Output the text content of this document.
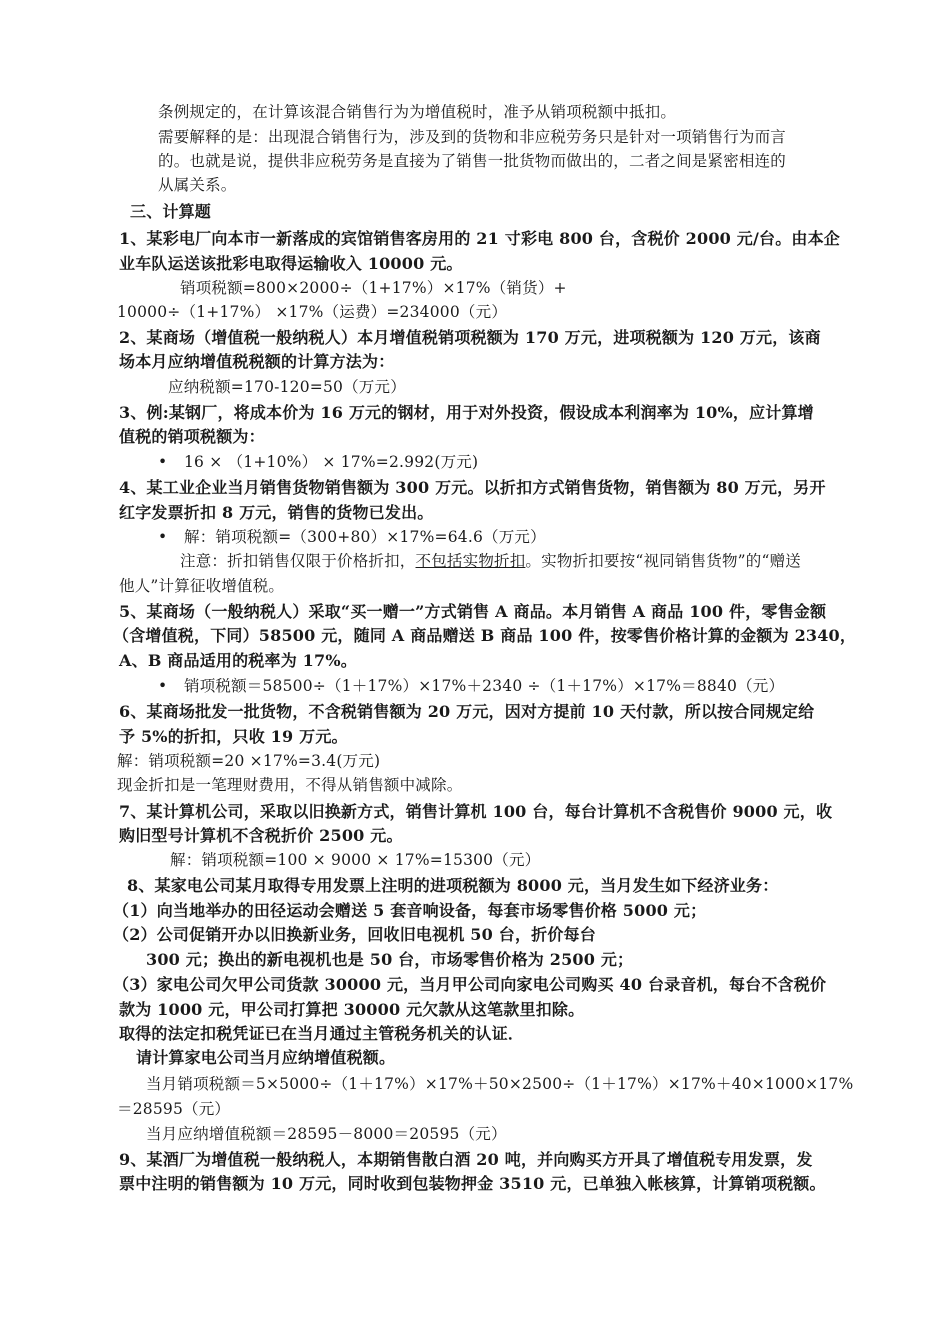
条例规定的，在计算该混合销售行为为增值税时，准予从销项税额中抵扣。
需要解释的是：出现混合销售行为，涉及到的货物和非应税劳务只是针对一项销售行为而言
的。也就是说，提供非应税劳务是直接为了销售一批货物而做出的，二者之间是紧密相连的
从属关系。
三、计算题
1、某彩电厂向本市一新落成的宾馆销售客房用的 21 寸彩电 800 台，含税价 2000 元/台。由本企
业车队运送该批彩电取得运输收入 10000 元。
销项税额=800×2000÷（1+17%）×17%（销货）+
10000÷（1+17%） ×17%（运费）=234000（元）
2、某商场（增值税一般纳税人）本月增值税销项税额为 170 万元，进项税额为 120 万元，该商
场本月应纳增值税税额的计算方法为：
应纳税额=170-120=50（万元）
3、例:某钢厂，将成本价为 16 万元的钢材，用于对外投资，假设成本利润率为 10%，应计算增
值税的销项税额为：
• 16 × （1+10%） × 17%=2.992(万元)
4、某工业企业当月销售货物销售额为 300 万元。以折扣方式销售货物，销售额为 80 万元，另开
红字发票折扣 8 万元，销售的货物已发出。
• 解：销项税额=（300+80）×17%=64.6（万元）
注意：折扣销售仅限于价格折扣，不包括实物折扣。实物折扣要按“视同销售货物”的“赠送
他人”计算征收增值税。
5、某商场（一般纳税人）采取“买一赠一”方式销售 A 商品。本月销售 A 商品 100 件，零售金额
（含增值税，下同）58500 元，随同 A 商品赠送 B 商品 100 件，按零售价格计算的金额为 2340，
A、B 商品适用的税率为 17%。
• 销项税额＝58500÷（1＋17%）×17%＋2340 ÷（1＋17%）×17%＝8840（元）
6、某商场批发一批货物，不含税销售额为 20 万元，因对方提前 10 天付款，所以按合同规定给
予 5%的折扣，只收 19 万元。
解：销项税额=20 ×17%=3.4(万元)
现金折扣是一笔理财费用，不得从销售额中减除。
7、某计算机公司，采取以旧换新方式，销售计算机 100 台，每台计算机不含税售价 9000 元，收
购旧型号计算机不含税折价 2500 元。
解：销项税额=100 × 9000 × 17%=15300（元）
8、某家电公司某月取得专用发票上注明的进项税额为 8000 元，当月发生如下经济业务：
（1）向当地举办的田径运动会赠送 5 套音响设备，每套市场零售价格 5000 元；
（2）公司促销开办以旧换新业务，回收旧电视机 50 台，折价每台
300 元；换出的新电视机也是 50 台，市场零售价格为 2500 元；
（3）家电公司欠甲公司货款 30000 元，当月甲公司向家电公司购买 40 台录音机，每台不含税价
款为 1000 元，甲公司打算把 30000 元欠款从这笔款里扣除。
取得的法定扣税凭证已在当月通过主管税务机关的认证．
请计算家电公司当月应纳增值税额。
当月销项税额＝5×5000÷（1＋17%）×17%＋50×2500÷（1＋17%）×17%＋40×1000×17%
＝28595（元）
当月应纳增值税额＝28595－8000＝20595（元）
9、某酒厂为增值税一般纳税人，本期销售散白酒 20 吨，并向购买方开具了增值税专用发票，发
票中注明的销售额为 10 万元，同时收到包装物押金 3510 元，已单独入帐核算，计算销项税额。
